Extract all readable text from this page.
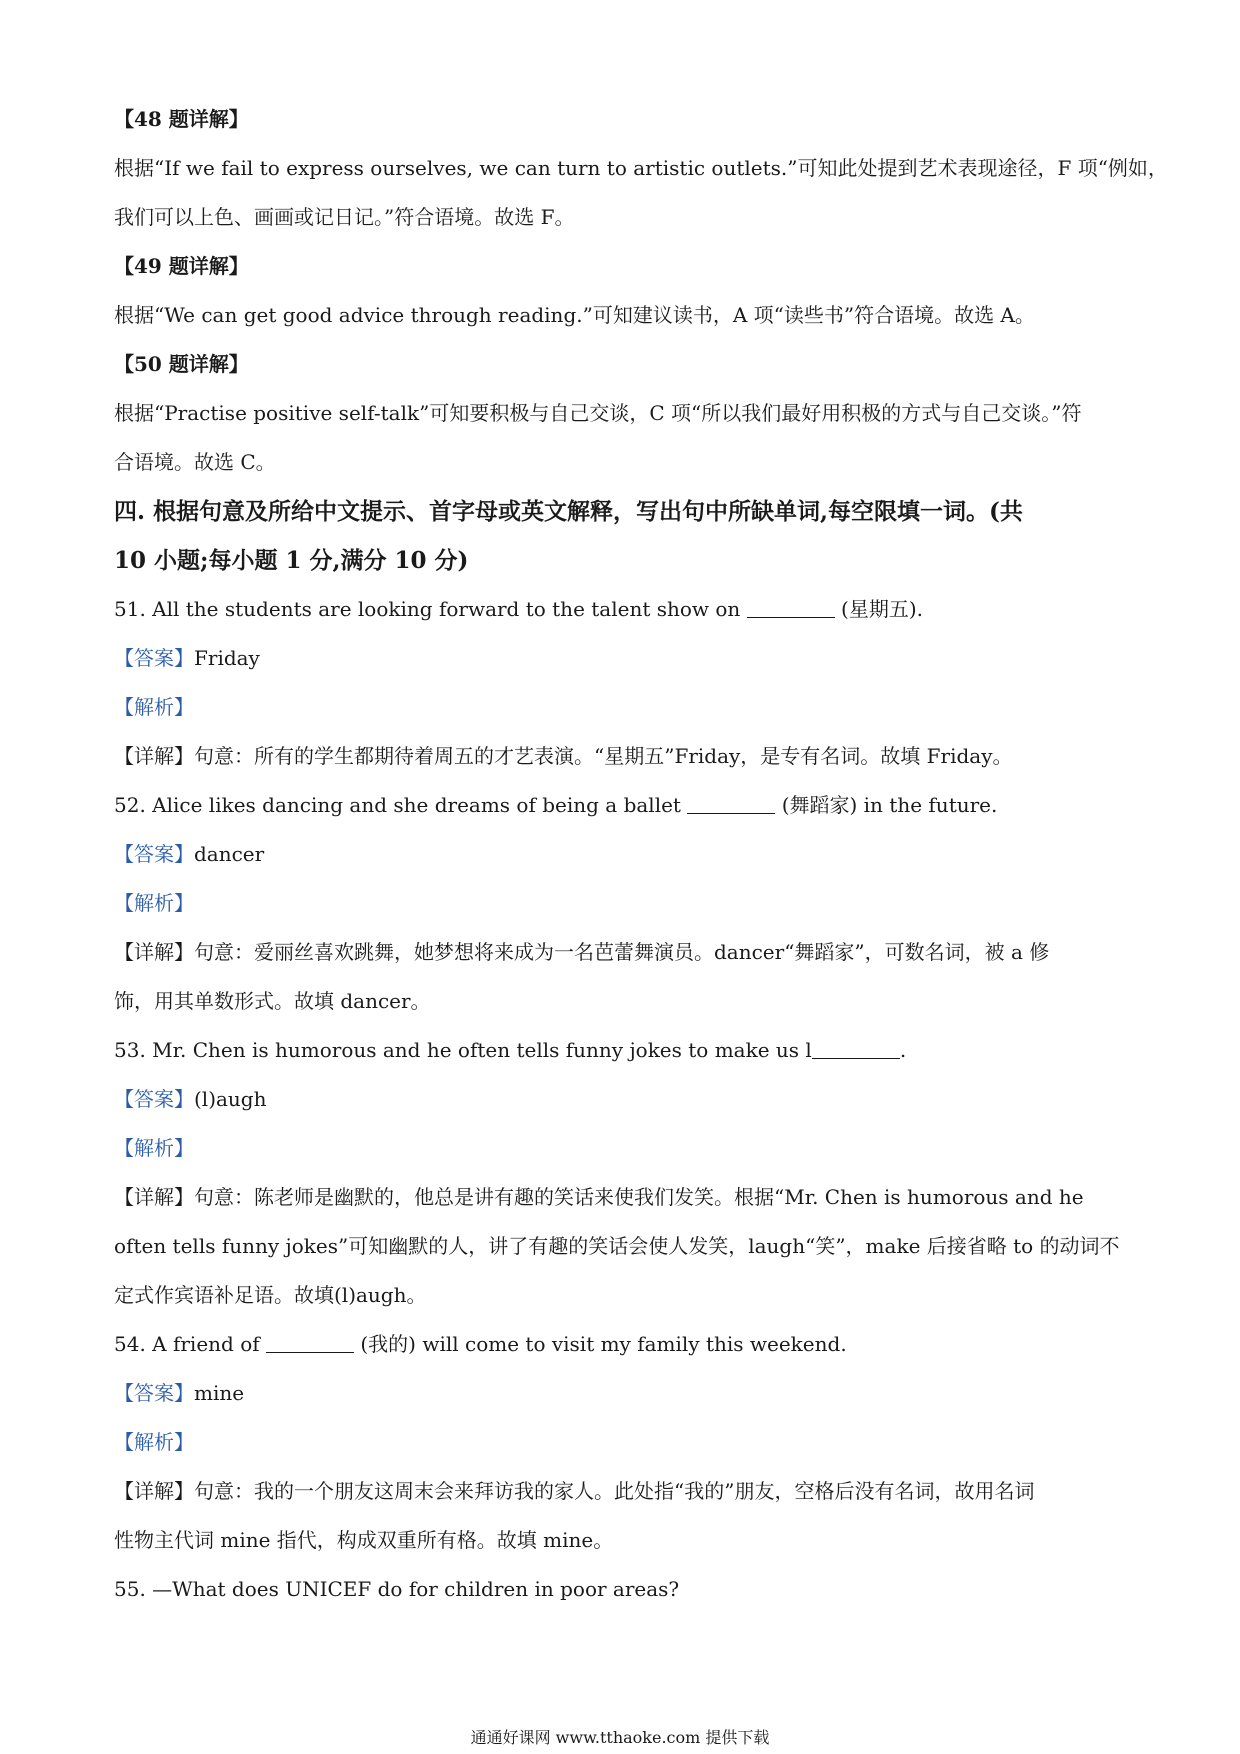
【48 题详解】

根据“If we fail to express ourselves, we can turn to artistic outlets.”可知此处提到艺术表现途径，F 项“例如，

我们可以上色、画画或记日记。”符合语境。故选 F。

【49 题详解】

根据“We can get good advice through reading.”可知建议读书，A 项“读些书”符合语境。故选 A。

【50 题详解】

根据“Practise positive self-talk”可知要积极与自己交谈，C 项“所以我们最好用积极的方式与自己交谈。”符

合语境。故选 C。

四. 根据句意及所给中文提示、首字母或英文解释，写出句中所缺单词,每空限填一词。(共

10 小题;每小题 1 分,满分 10 分)

51. All the students are looking forward to the talent show on	(星期五).

【答案】Friday

【解析】

【详解】句意：所有的学生都期待着周五的才艺表演。“星期五”Friday，是专有名词。故填 Friday。

52. Alice likes dancing and she dreams of being a ballet	(舞蹈家) in the future.

【答案】dancer

【解析】

【详解】句意：爱丽丝喜欢跳舞，她梦想将来成为一名芭蕾舞演员。dancer“舞蹈家”，可数名词，被 a 修

饰，用其单数形式。故填 dancer。

53. Mr. Chen is humorous and he often tells funny jokes to make us l	.

【答案】(l)augh

【解析】

【详解】句意：陈老师是幽默的，他总是讲有趣的笑话来使我们发笑。根据“Mr. Chen is humorous and he

often tells funny jokes”可知幽默的人，讲了有趣的笑话会使人发笑，laugh“笑”，make 后接省略 to 的动词不

定式作宾语补足语。故填(l)augh。

54. A friend of	(我的) will come to visit my family this weekend.

【答案】mine

【解析】

【详解】句意：我的一个朋友这周末会来拜访我的家人。此处指“我的”朋友，空格后没有名词，故用名词

性物主代词 mine 指代，构成双重所有格。故填 mine。

55. —What does UNICEF do for children in poor areas?

通通好课网 www.tthaoke.com 提供下载
